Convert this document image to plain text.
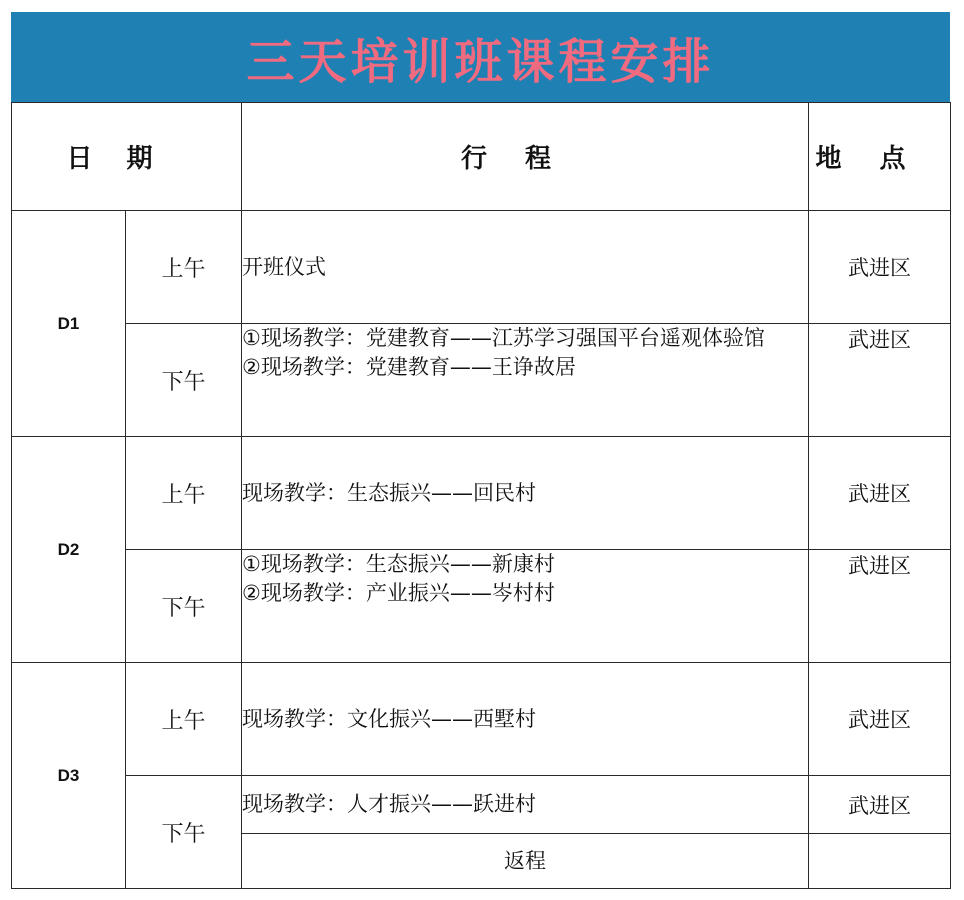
三天培训班课程安排
日期		行程	地点
D1	上午	开班仪式	武进区
	下午	①现场教学：党建教育——江苏学习强国平台遥观体验馆
②现场教学：党建教育——王诤故居	武进区
D2	上午	现场教学：生态振兴——回民村	武进区
	下午	①现场教学：生态振兴——新康村
②现场教学：产业振兴——岑村村	武进区
D3	上午	现场教学：文化振兴——西墅村	武进区
	下午	现场教学：人才振兴——跃进村	武进区
		返程	
